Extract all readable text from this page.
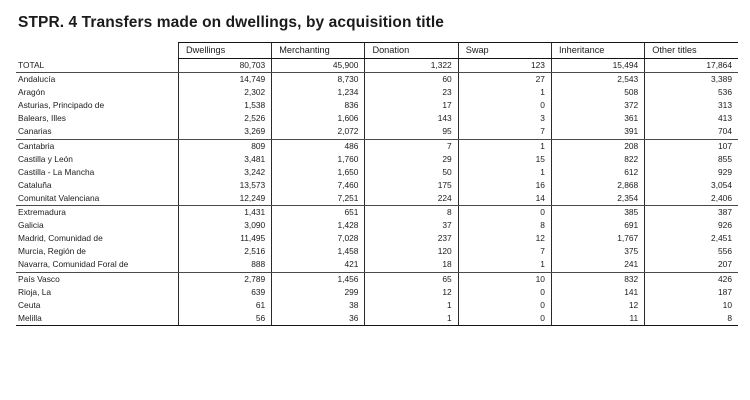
STPR. 4 Transfers made on dwellings, by acquisition title
	Dwellings	Merchanting	Donation	Swap	Inheritance	Other titles
TOTAL	80,703	45,900	1,322	123	15,494	17,864
Andalucía	14,749	8,730	60	27	2,543	3,389
Aragón	2,302	1,234	23	1	508	536
Asturias, Principado de	1,538	836	17	0	372	313
Balears, Illes	2,526	1,606	143	3	361	413
Canarias	3,269	2,072	95	7	391	704
Cantabria	809	486	7	1	208	107
Castilla y León	3,481	1,760	29	15	822	855
Castilla - La Mancha	3,242	1,650	50	1	612	929
Cataluña	13,573	7,460	175	16	2,868	3,054
Comunitat Valenciana	12,249	7,251	224	14	2,354	2,406
Extremadura	1,431	651	8	0	385	387
Galicia	3,090	1,428	37	8	691	926
Madrid, Comunidad de	11,495	7,028	237	12	1,767	2,451
Murcia, Región de	2,516	1,458	120	7	375	556
Navarra, Comunidad Foral de	888	421	18	1	241	207
País Vasco	2,789	1,456	65	10	832	426
Rioja, La	639	299	12	0	141	187
Ceuta	61	38	1	0	12	10
Melilla	56	36	1	0	11	8
